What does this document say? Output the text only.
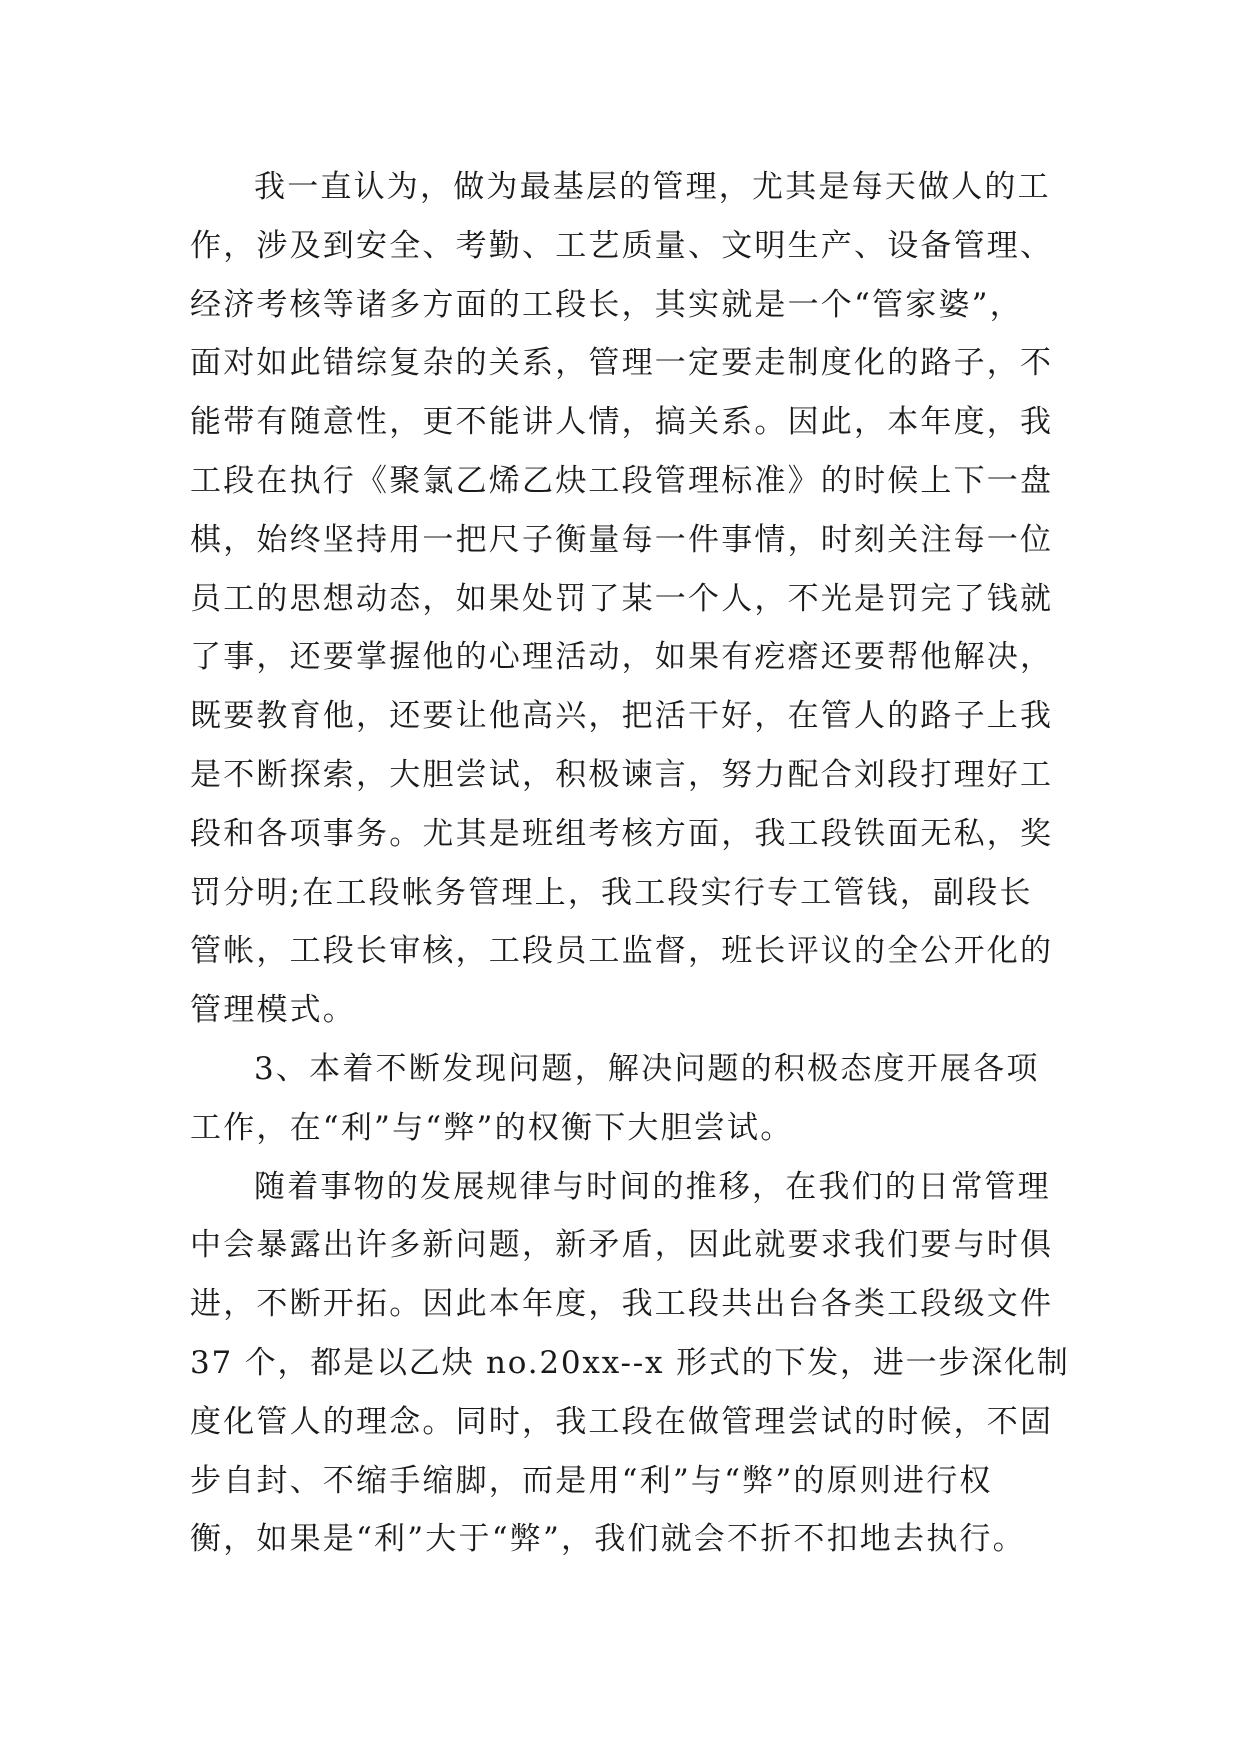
我一直认为，做为最基层的管理，尤其是每天做人的工
作，涉及到安全、考勤、工艺质量、文明生产、设备管理、
经济考核等诸多方面的工段长，其实就是一个“管家婆”，
面对如此错综复杂的关系，管理一定要走制度化的路子，不
能带有随意性，更不能讲人情，搞关系。因此，本年度，我
工段在执行《聚氯乙烯乙炔工段管理标准》的时候上下一盘
棋，始终坚持用一把尺子衡量每一件事情，时刻关注每一位
员工的思想动态，如果处罚了某一个人，不光是罚完了钱就
了事，还要掌握他的心理活动，如果有疙瘩还要帮他解决，
既要教育他，还要让他高兴，把活干好，在管人的路子上我
是不断探索，大胆尝试，积极谏言，努力配合刘段打理好工
段和各项事务。尤其是班组考核方面，我工段铁面无私，奖
罚分明;在工段帐务管理上，我工段实行专工管钱，副段长
管帐，工段长审核，工段员工监督，班长评议的全公开化的
管理模式。
3、本着不断发现问题，解决问题的积极态度开展各项
工作，在“利”与“弊”的权衡下大胆尝试。
随着事物的发展规律与时间的推移，在我们的日常管理
中会暴露出许多新问题，新矛盾，因此就要求我们要与时俱
进，不断开拓。因此本年度，我工段共出台各类工段级文件
37 个，都是以乙炔 no.20xx--x 形式的下发，进一步深化制
度化管人的理念。同时，我工段在做管理尝试的时候，不固
步自封、不缩手缩脚，而是用“利”与“弊”的原则进行权
衡，如果是“利”大于“弊”，我们就会不折不扣地去执行。
